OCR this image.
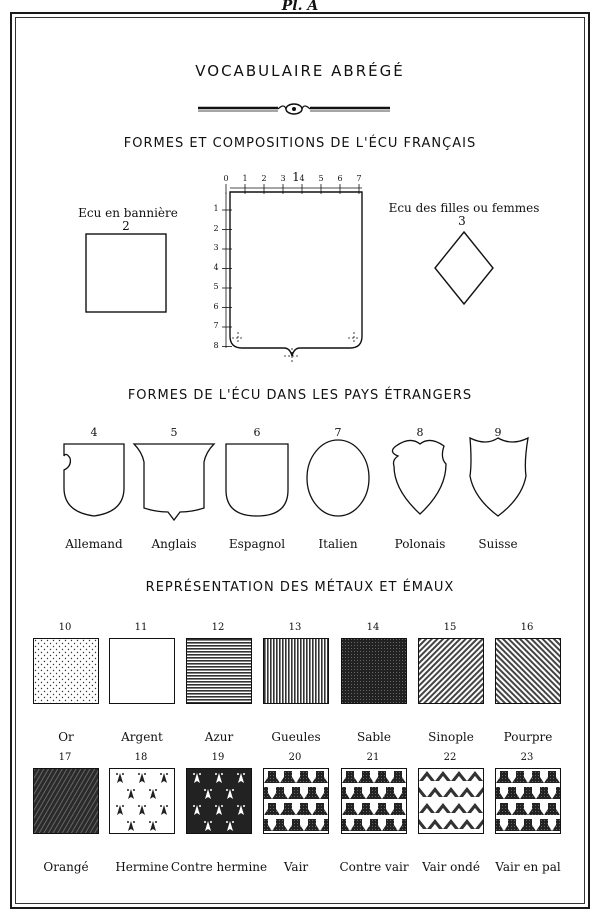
Pl. A
VOCABULAIRE ABRÉGÉ
FORMES ET COMPOSITIONS DE L'ÉCU FRANÇAIS
Ecu en bannière
2
1
Ecu des filles ou femmes
3
0 1 2 3 4 5 6 7
1
2
3
4
5
6
7
8
FORMES DE L'ÉCU DANS LES PAYS ÉTRANGERS
4
Allemand
5
Anglais
6
Espagnol
7
Italien
8
Polonais
9
Suisse
REPRÉSENTATION DES MÉTAUX ET ÉMAUX
10
Or
11
Argent
12
Azur
13
Gueules
14
Sable
15
Sinople
16
Pourpre
17
Orangé
18
Hermine
19
Contre hermine
20
Vair
21
Contre vair
22
Vair ondé
23
Vair en pal
